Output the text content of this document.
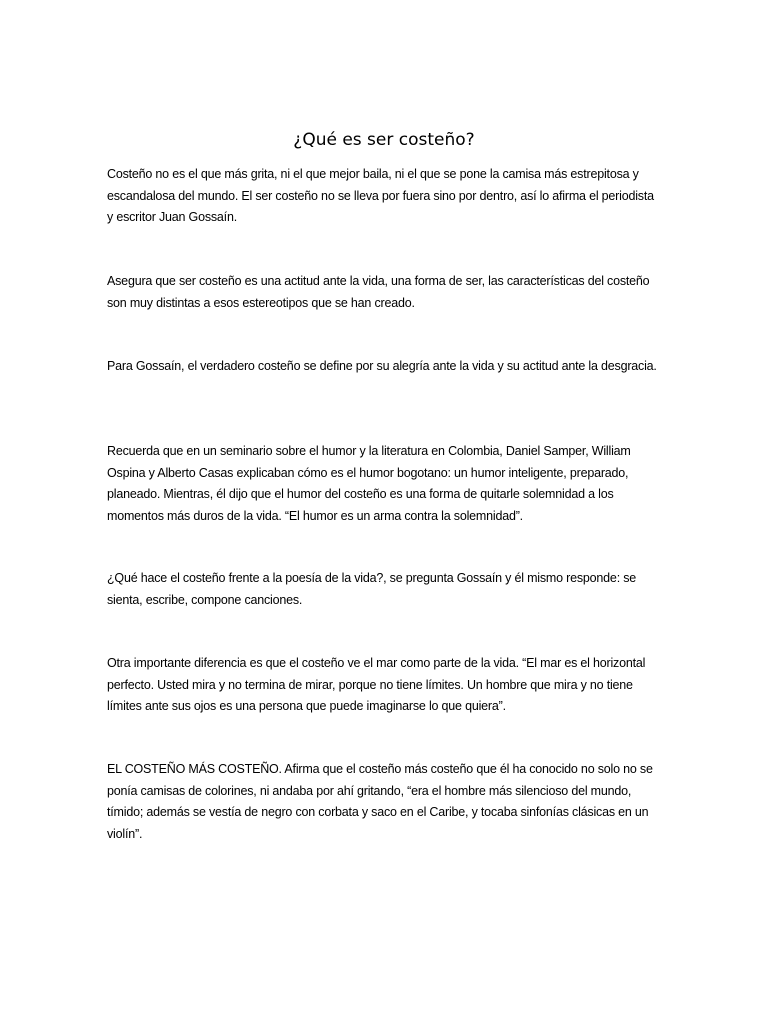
¿Qué es ser costeño?

Costeño no es el que más grita, ni el que mejor baila, ni el que se pone la camisa más estrepitosa y escandalosa del mundo. El ser costeño no se lleva por fuera sino por dentro, así lo afirma el periodista y escritor Juan Gossaín.

Asegura que ser costeño es una actitud ante la vida, una forma de ser, las características del costeño son muy distintas a esos estereotipos que se han creado.

Para Gossaín, el verdadero costeño se define por su alegría ante la vida y su actitud ante la desgracia.

Recuerda que en un seminario sobre el humor y la literatura en Colombia, Daniel Samper, William Ospina y Alberto Casas explicaban cómo es el humor bogotano: un humor inteligente, preparado, planeado. Mientras, él dijo que el humor del costeño es una forma de quitarle solemnidad a los momentos más duros de la vida. “El humor es un arma contra la solemnidad”.

¿Qué hace el costeño frente a la poesía de la vida?, se pregunta Gossaín y él mismo responde: se sienta, escribe, compone canciones.

Otra importante diferencia es que el costeño ve el mar como parte de la vida. “El mar es el horizontal perfecto. Usted mira y no termina de mirar, porque no tiene límites. Un hombre que mira y no tiene límites ante sus ojos es una persona que puede imaginarse lo que quiera”.

EL COSTEÑO MÁS COSTEÑO. Afirma que el costeño más costeño que él ha conocido no solo no se ponía camisas de colorines, ni andaba por ahí gritando, “era el hombre más silencioso del mundo, tímido; además se vestía de negro con corbata y saco en el Caribe, y tocaba sinfonías clásicas en un violín”.
